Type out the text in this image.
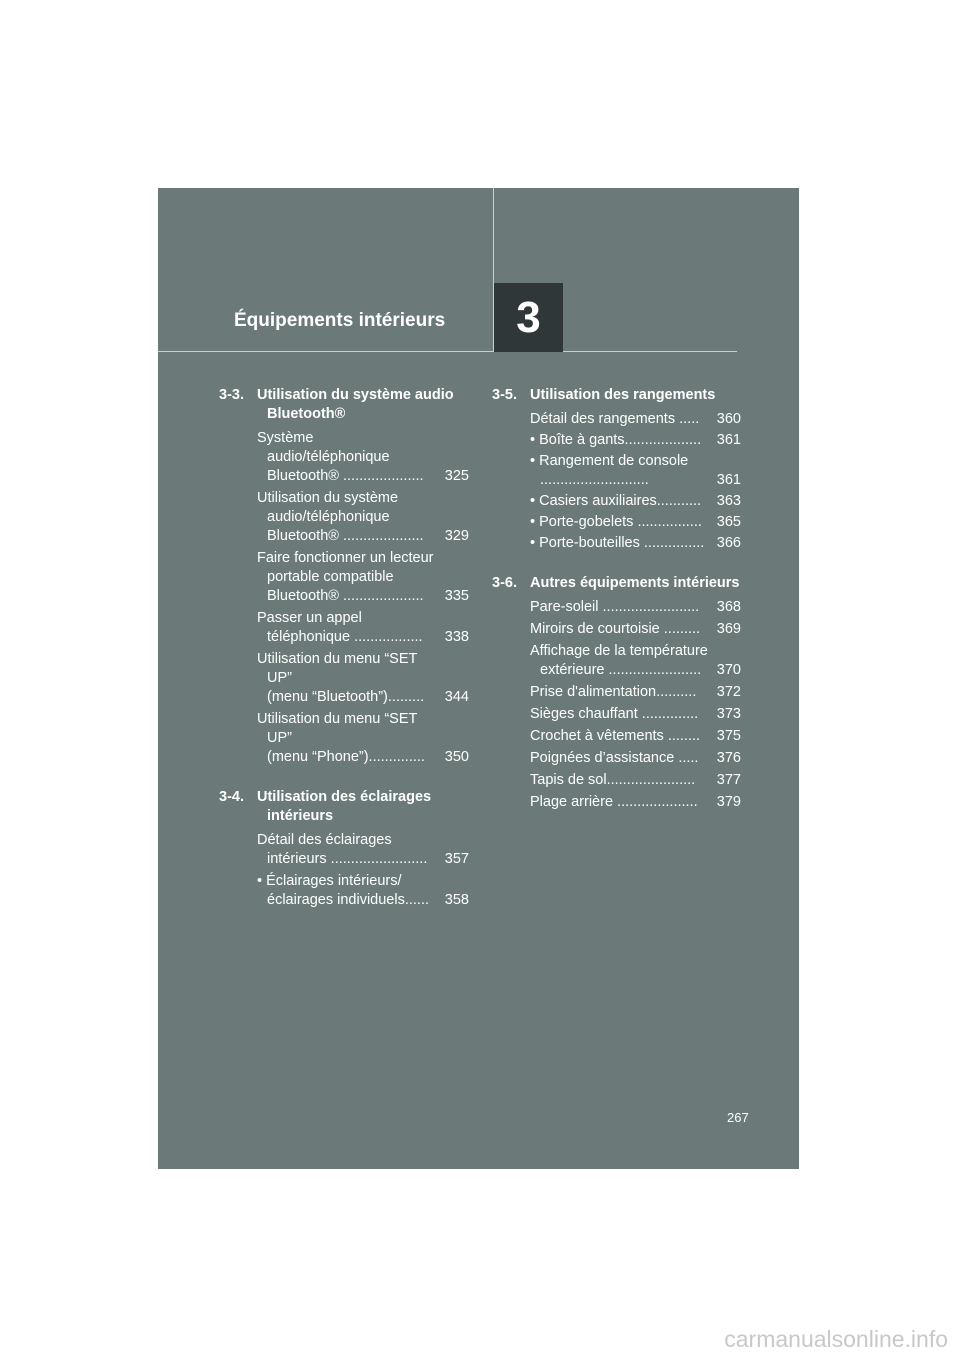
Équipements intérieurs 3
3-3. Utilisation du système audio Bluetooth®
Système audio/téléphonique Bluetooth® ....................	325
Utilisation du système audio/téléphonique Bluetooth® ....................	329
Faire fonctionner un lecteur portable compatible Bluetooth® ....................	335
Passer un appel téléphonique .................	338
Utilisation du menu “SET UP”
(menu “Bluetooth”).........	344
Utilisation du menu “SET UP”
(menu “Phone”)..............	350
3-4. Utilisation des éclairages intérieurs
Détail des éclairages intérieurs ........................	357
• Éclairages intérieurs/ éclairages individuels......	358
3-5. Utilisation des rangements
Détail des rangements .....	360
• Boîte à gants...................	361
• Rangement de console ...........................	361
• Casiers auxiliaires...........	363
• Porte-gobelets ................	365
• Porte-bouteilles ............... 366
3-6. Autres équipements intérieurs
Pare-soleil ........................	368
Miroirs de courtoisie .........	369
Affichage de la température extérieure .......................	370
Prise d'alimentation..........	372
Sièges chauffant ..............	373
Crochet à vêtements ........	375
Poignées d’assistance .....	376
Tapis de sol......................	377
Plage arrière ....................	379
267
carmanualsonline.info
